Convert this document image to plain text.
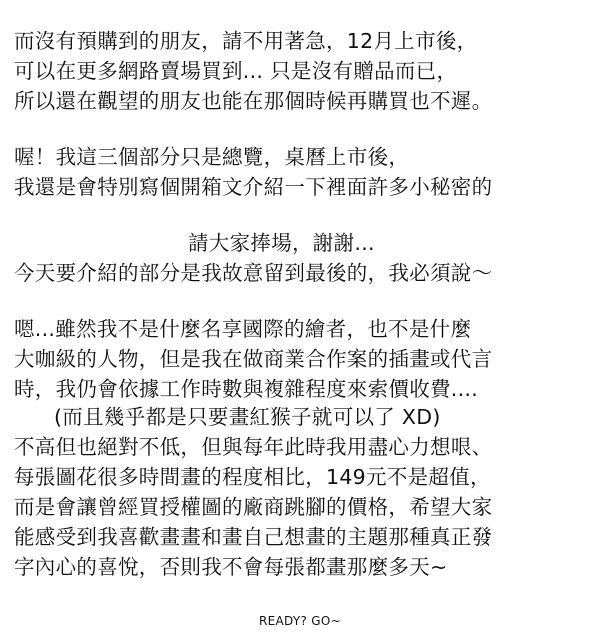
而沒有預購到的朋友，請不用著急，12月上市後，
可以在更多網路賣場買到... 只是沒有贈品而已，
所以還在觀望的朋友也能在那個時候再購買也不遲。
喔！我這三個部分只是總覽，桌曆上市後，
我還是會特別寫個開箱文介紹一下裡面許多小秘密的
請大家捧場，謝謝...
今天要介紹的部分是我故意留到最後的，我必須說～
嗯...雖然我不是什麼名享國際的繪者，也不是什麼
大咖級的人物，但是我在做商業合作案的插畫或代言
時，我仍會依據工作時數與複雜程度來索價收費....
(而且幾乎都是只要畫紅猴子就可以了 XD)
不高但也絕對不低，但與每年此時我用盡心力想哏、
每張圖花很多時間畫的程度相比，149元不是超值，
而是會讓曾經買授權圖的廠商跳腳的價格，希望大家
能感受到我喜歡畫畫和畫自己想畫的主題那種真正發
字內心的喜悅，否則我不會每張都畫那麼多天~
READY? GO~
